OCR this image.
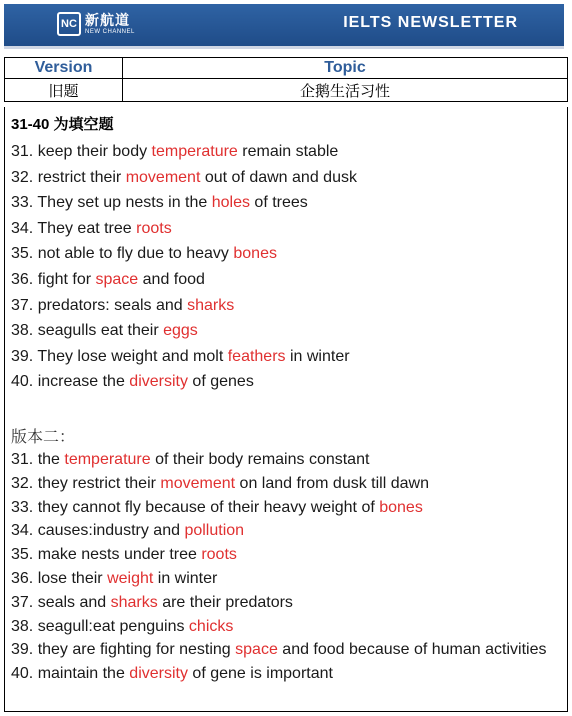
NC 新航道
NEW CHANNEL
IELTS NEWSLETTER
Version	Topic
旧题	企鹅生活习性
31-40 为填空题
31. keep their body temperature remain stable
32. restrict their movement out of dawn and dusk
33. They set up nests in the holes of trees
34. They eat tree roots
35. not able to fly due to heavy bones
36. fight for space and food
37. predators: seals and sharks
38. seagulls eat their eggs
39. They lose weight and molt feathers in winter
40. increase the diversity of genes
版本二：
31. the temperature of their body remains constant
32. they restrict their movement on land from dusk till dawn
33. they cannot fly because of their heavy weight of bones
34. causes:industry and pollution
35. make nests under tree roots
36. lose their weight in winter
37. seals and sharks are their predators
38. seagull:eat penguins chicks
39. they are fighting for nesting space and food because of human activities
40. maintain the diversity of gene is important
